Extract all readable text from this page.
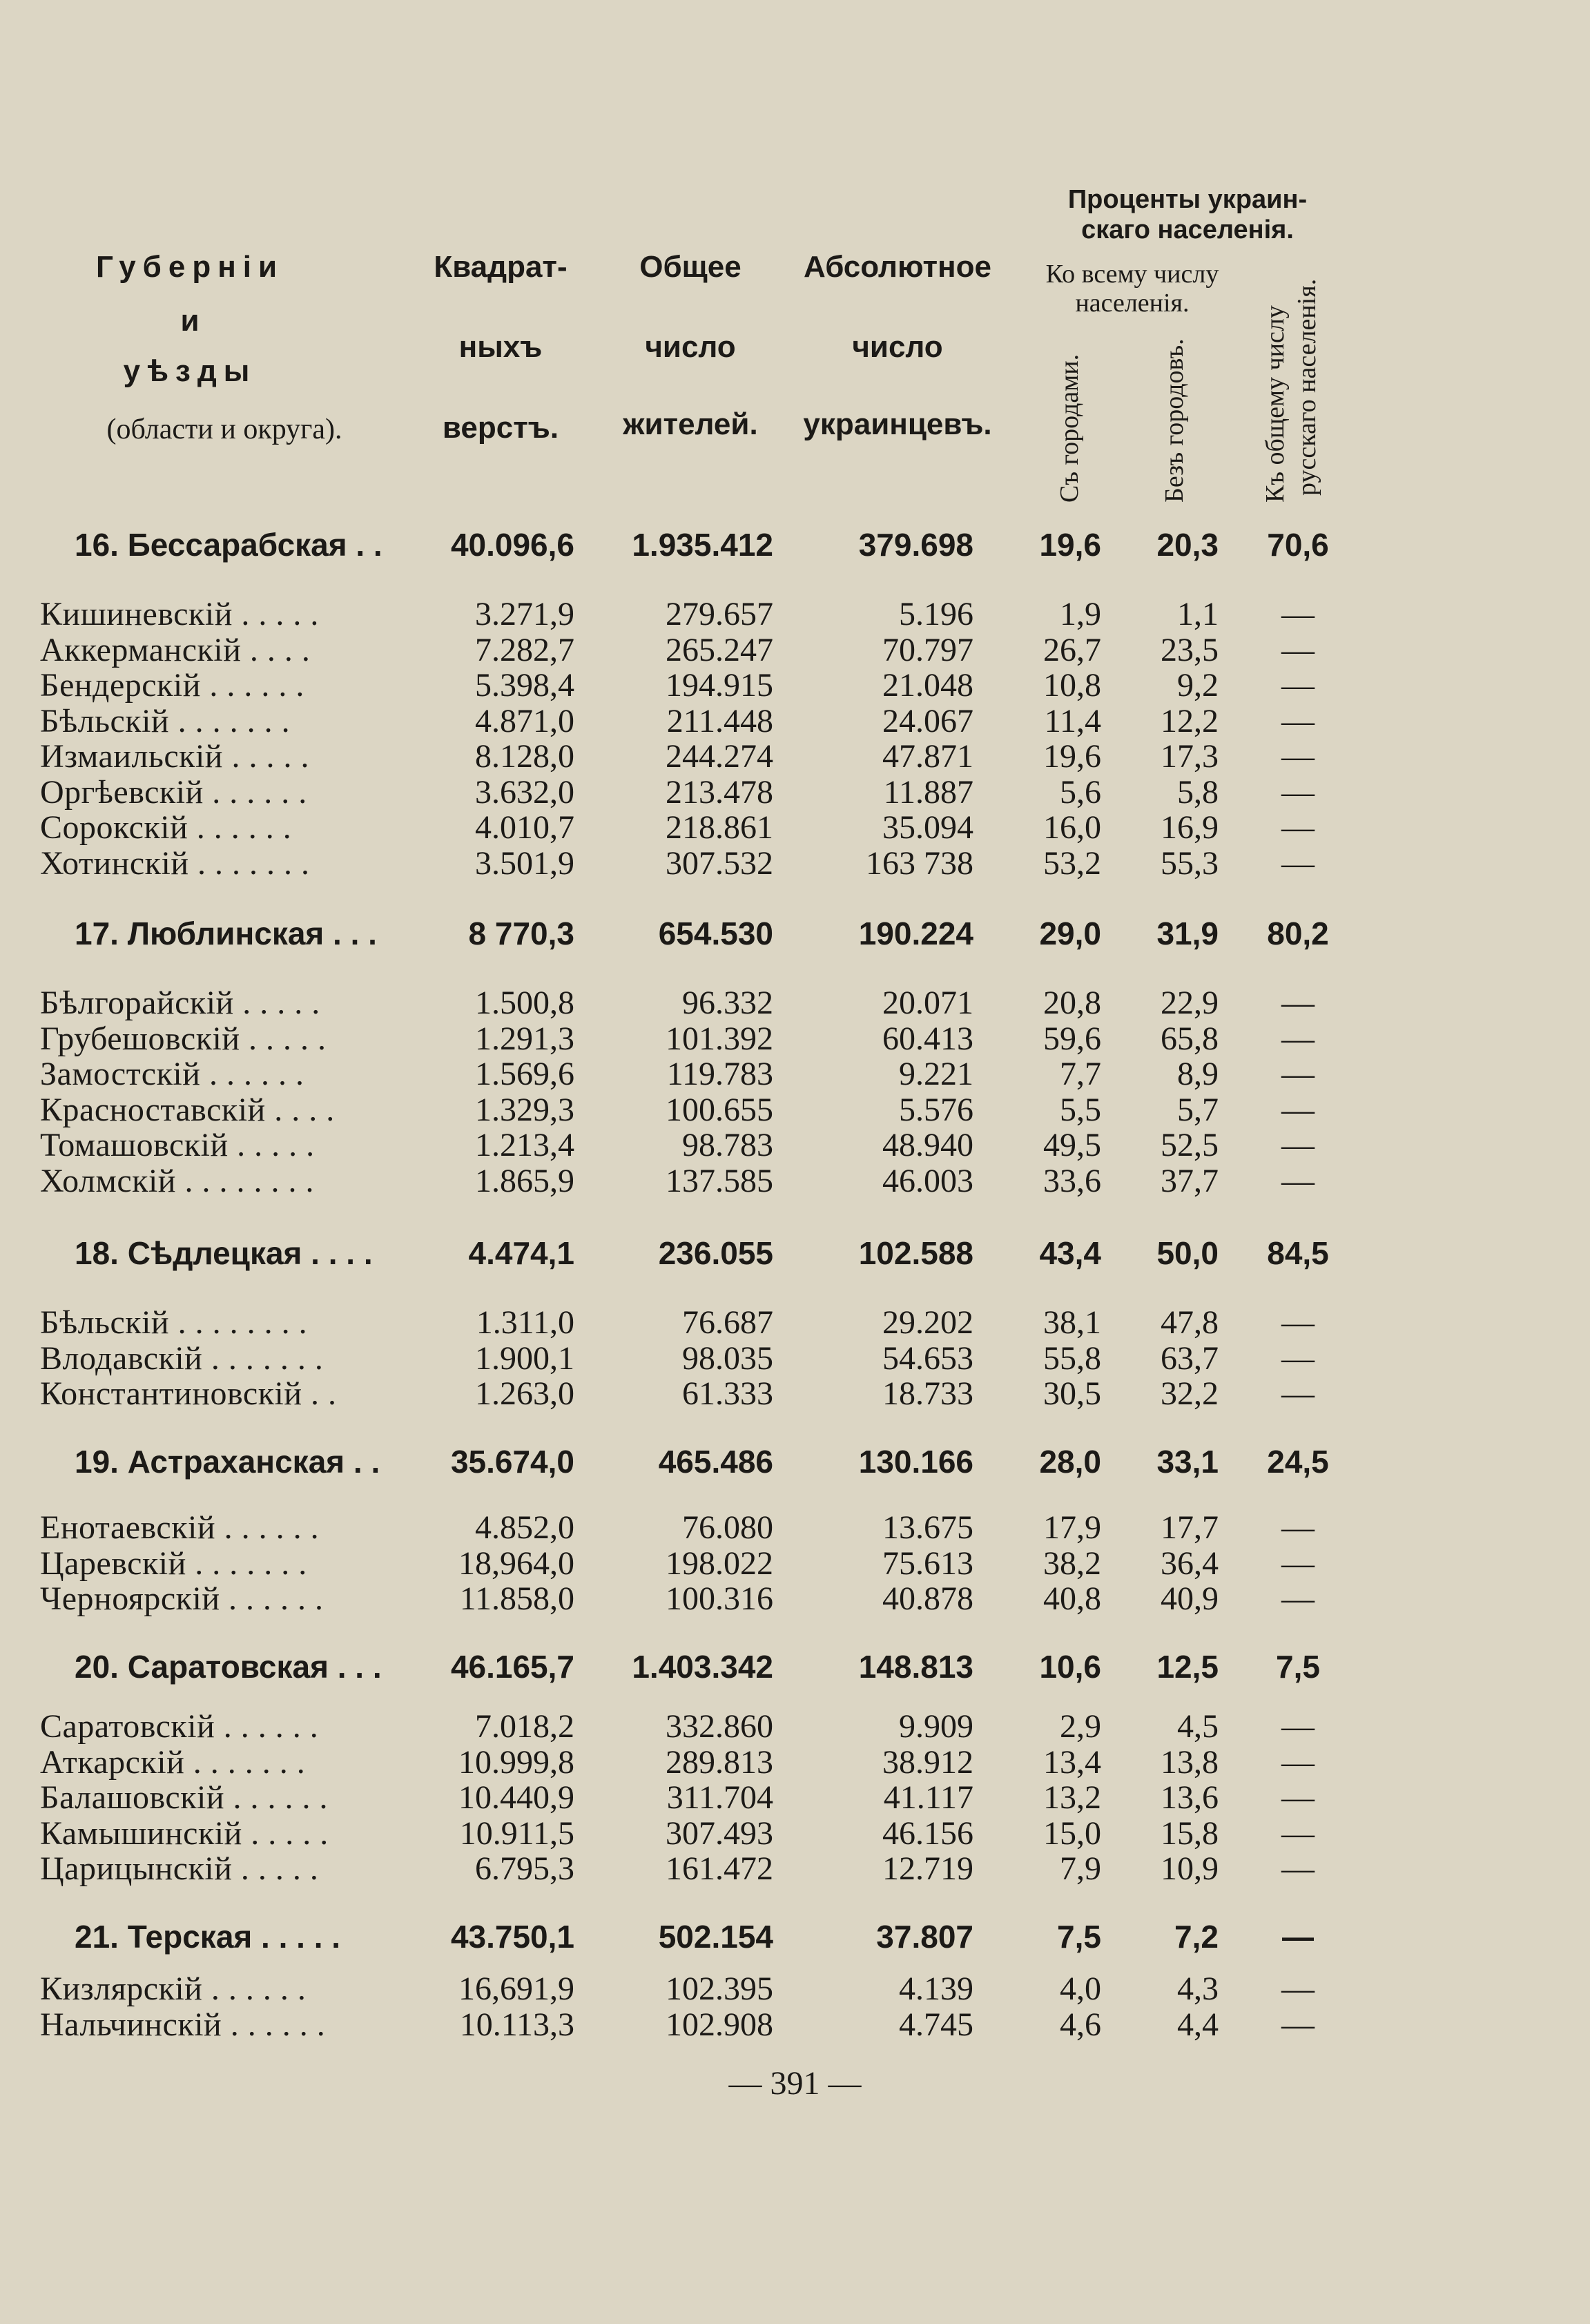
Губерніи
и
уѣзды
(области и округа).
Квадрат-
ныхъ
верстъ.
Общее
число
жителей.
Абсолютное
число
украинцевъ.
Проценты украин-
скаго населенія.
Ко всему числу
населенія.
Съ городами.	Безъ городовъ.	Къ общему числу русскаго населенія.
16. Бессарабская . .	40.096,6	1.935.412	379.698	19,6	20,3	70,6
Кишиневскій . . . . .	3.271,9	279.657	5.196	1,9	1,1	—
Аккерманскій . . . .	7.282,7	265.247	70.797	26,7	23,5	—
Бендерскій . . . . . .	5.398,4	194.915	21.048	10,8	9,2	—
Бѣльскій . . . . . . .	4.871,0	211.448	24.067	11,4	12,2	—
Измаильскій . . . . .	8.128,0	244.274	47.871	19,6	17,3	—
Оргѣевскій . . . . . .	3.632,0	213.478	11.887	5,6	5,8	—
Сорокскій . . . . . .	4.010,7	218.861	35.094	16,0	16,9	—
Хотинскій . . . . . . .	3.501,9	307.532	163 738	53,2	55,3	—
17. Люблинская . . .	8 770,3	654.530	190.224	29,0	31,9	80,2
Бѣлгорайскій . . . . .	1.500,8	96.332	20.071	20,8	22,9	—
Грубешовскій . . . . .	1.291,3	101.392	60.413	59,6	65,8	—
Замостскій . . . . . .	1.569,6	119.783	9.221	7,7	8,9	—
Красноставскій . . . .	1.329,3	100.655	5.576	5,5	5,7	—
Томашовскій . . . . .	1.213,4	98.783	48.940	49,5	52,5	—
Холмскій . . . . . . . .	1.865,9	137.585	46.003	33,6	37,7	—
18. Сѣдлецкая . . . .	4.474,1	236.055	102.588	43,4	50,0	84,5
Бѣльскій . . . . . . . .	1.311,0	76.687	29.202	38,1	47,8	—
Влодавскій . . . . . . .	1.900,1	98.035	54.653	55,8	63,7	—
Константиновскій . .	1.263,0	61.333	18.733	30,5	32,2	—
19. Астраханская . .	35.674,0	465.486	130.166	28,0	33,1	24,5
Енотаевскій . . . . . .	4.852,0	76.080	13.675	17,9	17,7	—
Царевскій . . . . . . .	18,964,0	198.022	75.613	38,2	36,4	—
Черноярскій . . . . . .	11.858,0	100.316	40.878	40,8	40,9	—
20. Саратовская . . .	46.165,7	1.403.342	148.813	10,6	12,5	7,5
Саратовскій . . . . . .	7.018,2	332.860	9.909	2,9	4,5	—
Аткарскій . . . . . . .	10.999,8	289.813	38.912	13,4	13,8	—
Балашовскій . . . . . .	10.440,9	311.704	41.117	13,2	13,6	—
Камышинскій . . . . .	10.911,5	307.493	46.156	15,0	15,8	—
Царицынскій . . . . .	6.795,3	161.472	12.719	7,9	10,9	—
21. Терская . . . . .	43.750,1	502.154	37.807	7,5	7,2	—
Кизлярскій . . . . . .	16,691,9	102.395	4.139	4,0	4,3	—
Нальчинскій . . . . . .	10.113,3	102.908	4.745	4,6	4,4	—
— 391 —
